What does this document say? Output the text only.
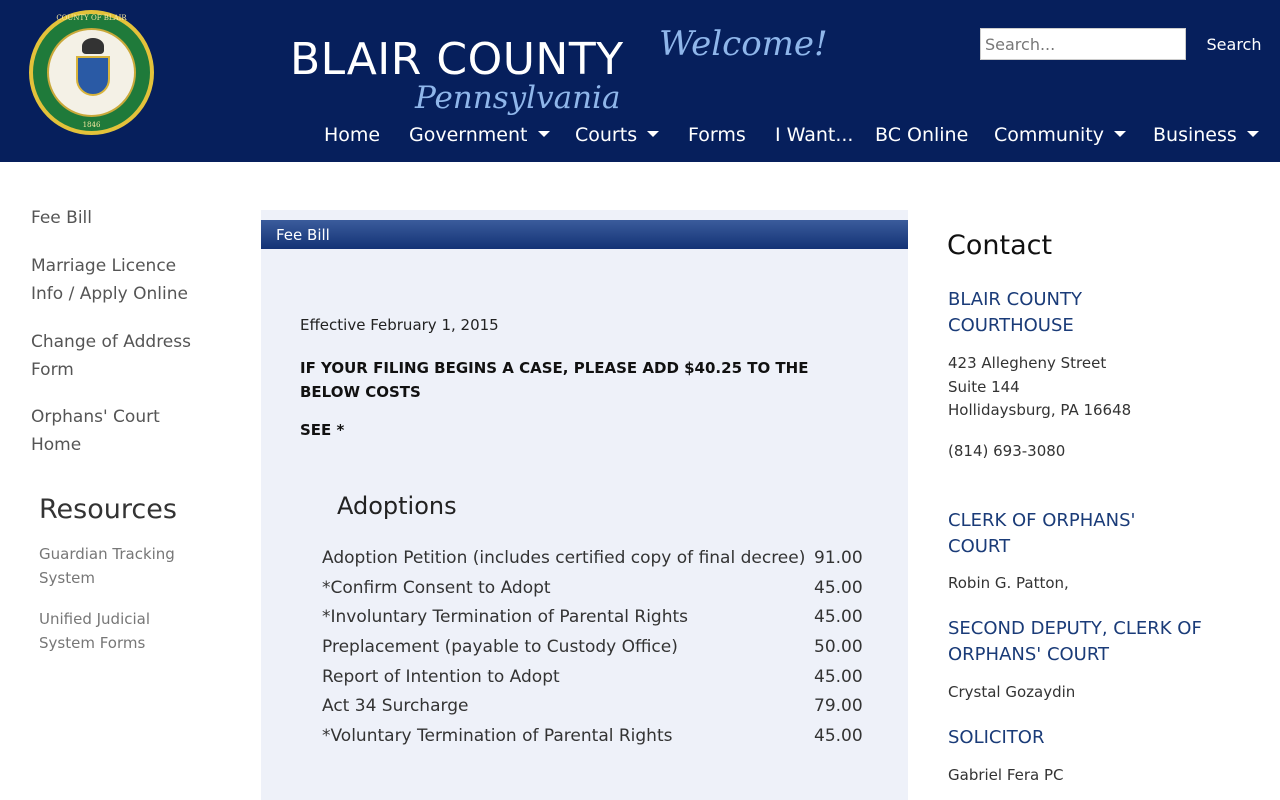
COUNTY OF BLAIR
1846
BLAIR COUNTY Welcome!
Pennsylvania
Search...
Search
Home Government	Courts	Forms I Want... BC Online Community	Business
Fee Bill
Marriage Licence Info / Apply Online
Change of Address Form
Orphans' Court Home
Resources
Guardian Tracking System
Unified Judicial System Forms
Fee Bill
Effective February 1, 2015
IF YOUR FILING BEGINS A CASE, PLEASE ADD $40.25 TO THE BELOW COSTS
SEE *
Adoptions
Adoption Petition (includes certified copy of final decree) 91.00
*Confirm Consent to Adopt	45.00
*Involuntary Termination of Parental Rights	45.00
Preplacement (payable to Custody Office)	50.00
Report of Intention to Adopt	45.00
Act 34 Surcharge	79.00
*Voluntary Termination of Parental Rights	45.00
Contact
BLAIR COUNTY COURTHOUSE
423 Allegheny Street
Suite 144
Hollidaysburg, PA 16648
(814) 693-3080
CLERK OF ORPHANS' COURT
Robin G. Patton,
SECOND DEPUTY, CLERK OF ORPHANS' COURT
Crystal Gozaydin
SOLICITOR
Gabriel Fera PC
